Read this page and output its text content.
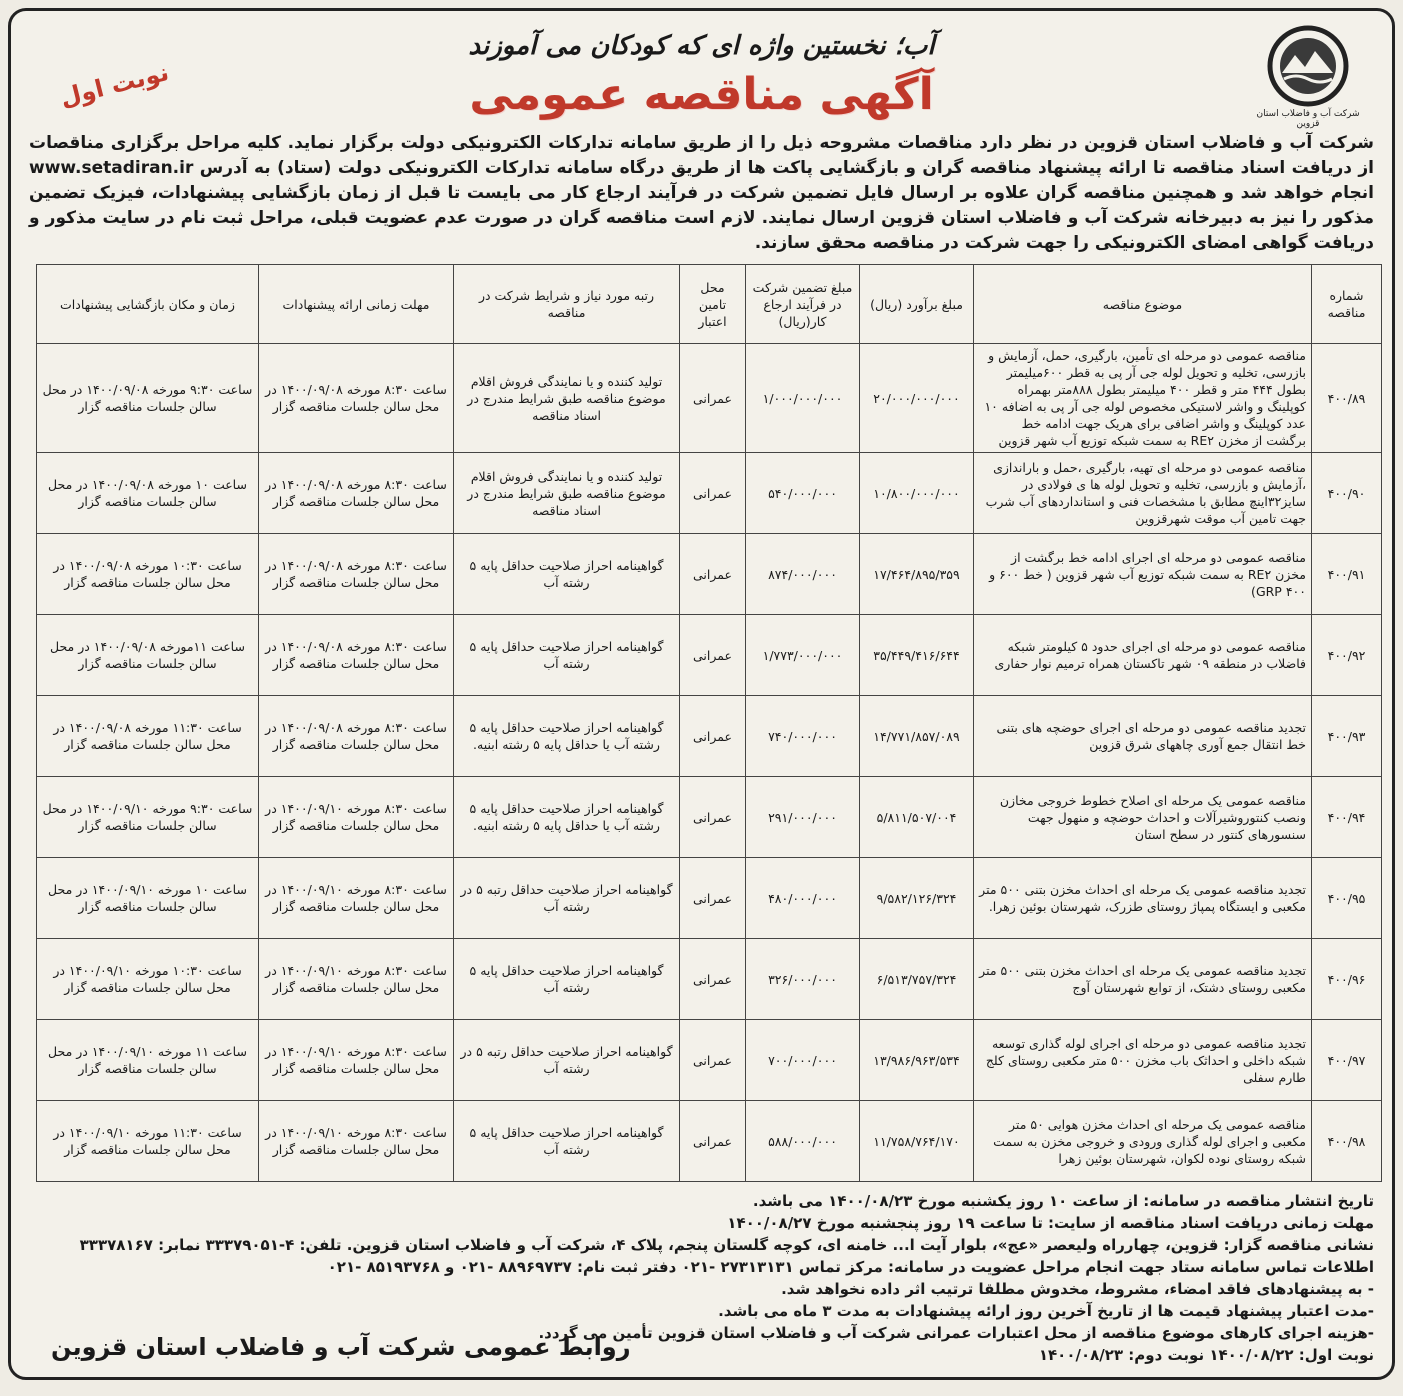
شرکت آب و فاضلاب استان قزوین
آب؛ نخستین واژه ای که کودکان می آموزند
آگهی مناقصه عمومی
نوبت اول
شرکت آب و فاضلاب استان قزوین در نظر دارد مناقصات مشروحه ذیل را از طریق سامانه تدارکات الکترونیکی دولت برگزار نماید. کلیه مراحل برگزاری مناقصات از دریافت اسناد مناقصه تا ارائه پیشنهاد مناقصه گران و بازگشایی پاکت ها از طریق درگاه سامانه تدارکات الکترونیکی دولت (ستاد) به آدرس www.setadiran.ir انجام خواهد شد و همچنین مناقصه گران علاوه بر ارسال فایل تضمین شرکت در فرآیند ارجاع کار می بایست تا قبل از زمان بازگشایی پیشنهادات، فیزیک تضمین مذکور را نیز به دبیرخانه شرکت آب و فاضلاب استان قزوین ارسال نمایند. لازم است مناقصه گران در صورت عدم عضویت قبلی، مراحل ثبت نام در سایت مذکور و دریافت گواهی امضای الکترونیکی را جهت شرکت در مناقصه محقق سازند.
شماره مناقصه	موضوع مناقصه	مبلغ برآورد (ریال)	مبلغ تضمین شرکت در فرآیند ارجاع کار(ریال)	محل تامین اعتبار	رتبه مورد نیاز و شرایط شرکت در مناقصه	مهلت زمانی ارائه پیشنهادات	زمان و مکان بازگشایی پیشنهادات
۴۰۰/۸۹	مناقصه عمومی دو مرحله ای تأمین، بارگیری، حمل، آزمایش و بازرسی، تخلیه و تحویل لوله جی آر پی به قطر ۶۰۰میلیمتر بطول ۴۴۴ متر و قطر ۴۰۰ میلیمتر بطول ۸۸۸متر بهمراه کوپلینگ و واشر لاستیکی مخصوص لوله جی آر پی به اضافه ۱۰ عدد کوپلینگ و واشر اضافی برای هریک جهت ادامه خط برگشت از مخزن RE۲ به سمت شبکه توزیع آب شهر قزوین	۲۰/۰۰۰/۰۰۰/۰۰۰	۱/۰۰۰/۰۰۰/۰۰۰	عمرانی	تولید کننده و یا نمایندگی فروش اقلام موضوع مناقصه طبق شرایط مندرج در اسناد مناقصه	ساعت ۸:۳۰ مورخه ۱۴۰۰/۰۹/۰۸ در محل سالن جلسات مناقصه گزار	ساعت ۹:۳۰ مورخه ۱۴۰۰/۰۹/۰۸ در محل سالن جلسات مناقصه گزار
۴۰۰/۹۰	مناقصه عمومی دو مرحله ای تهیه، بارگیری ،حمل و باراندازی ،آزمایش و بازرسی، تخلیه و تحویل لوله ها ی فولادی در سایز۳۲اینچ مطابق با مشخصات فنی و استانداردهای آب شرب جهت تامین آب موقت شهرقزوین	۱۰/۸۰۰/۰۰۰/۰۰۰	۵۴۰/۰۰۰/۰۰۰	عمرانی	تولید کننده و یا نمایندگی فروش اقلام موضوع مناقصه طبق شرایط مندرج در اسناد مناقصه	ساعت ۸:۳۰ مورخه ۱۴۰۰/۰۹/۰۸ در محل سالن جلسات مناقصه گزار	ساعت ۱۰ مورخه ۱۴۰۰/۰۹/۰۸ در محل سالن جلسات مناقصه گزار
۴۰۰/۹۱	مناقصه عمومی دو مرحله ای اجرای ادامه خط برگشت از مخزن RE۲ به سمت شبکه توزیع آب شهر قزوین ( خط ۶۰۰ و ۴۰۰ GRP)	۱۷/۴۶۴/۸۹۵/۳۵۹	۸۷۴/۰۰۰/۰۰۰	عمرانی	گواهینامه احراز صلاحیت حداقل پایه ۵ رشته آب	ساعت ۸:۳۰ مورخه ۱۴۰۰/۰۹/۰۸ در محل سالن جلسات مناقصه گزار	ساعت ۱۰:۳۰ مورخه ۱۴۰۰/۰۹/۰۸ در محل سالن جلسات مناقصه گزار
۴۰۰/۹۲	مناقصه عمومی دو مرحله ای اجرای حدود ۵ کیلومتر شبکه فاضلاب در منطقه ۰۹ شهر تاکستان همراه ترمیم نوار حفاری	۳۵/۴۴۹/۴۱۶/۶۴۴	۱/۷۷۳/۰۰۰/۰۰۰	عمرانی	گواهینامه احراز صلاحیت حداقل پایه ۵ رشته آب	ساعت ۸:۳۰ مورخه ۱۴۰۰/۰۹/۰۸ در محل سالن جلسات مناقصه گزار	ساعت ۱۱مورخه ۱۴۰۰/۰۹/۰۸ در محل سالن جلسات مناقصه گزار
۴۰۰/۹۳	تجدید مناقصه عمومی دو مرحله ای اجرای حوضچه های بتنی خط انتقال جمع آوری چاههای شرق قزوین	۱۴/۷۷۱/۸۵۷/۰۸۹	۷۴۰/۰۰۰/۰۰۰	عمرانی	گواهینامه احراز صلاحیت حداقل پایه ۵ رشته آب یا حداقل پایه ۵ رشته ابنیه.	ساعت ۸:۳۰ مورخه ۱۴۰۰/۰۹/۰۸ در محل سالن جلسات مناقصه گزار	ساعت ۱۱:۳۰ مورخه ۱۴۰۰/۰۹/۰۸ در محل سالن جلسات مناقصه گزار
۴۰۰/۹۴	مناقصه عمومی یک مرحله ای اصلاح خطوط خروجی مخازن ونصب کنتوروشیرآلات و احداث حوضچه و منهول جهت سنسورهای کنتور در سطح استان	۵/۸۱۱/۵۰۷/۰۰۴	۲۹۱/۰۰۰/۰۰۰	عمرانی	گواهینامه احراز صلاحیت حداقل پایه ۵ رشته آب یا حداقل پایه ۵ رشته ابنیه.	ساعت ۸:۳۰ مورخه ۱۴۰۰/۰۹/۱۰ در محل سالن جلسات مناقصه گزار	ساعت ۹:۳۰ مورخه ۱۴۰۰/۰۹/۱۰ در محل سالن جلسات مناقصه گزار
۴۰۰/۹۵	تجدید مناقصه عمومی یک مرحله ای احداث مخزن بتنی ۵۰۰ متر مکعبی و ایستگاه پمپاژ روستای طزرک، شهرستان بوئین زهرا.	۹/۵۸۲/۱۲۶/۳۲۴	۴۸۰/۰۰۰/۰۰۰	عمرانی	گواهینامه احراز صلاحیت حداقل رتبه ۵ در رشته آب	ساعت ۸:۳۰ مورخه ۱۴۰۰/۰۹/۱۰ در محل سالن جلسات مناقصه گزار	ساعت ۱۰ مورخه ۱۴۰۰/۰۹/۱۰ در محل سالن جلسات مناقصه گزار
۴۰۰/۹۶	تجدید مناقصه عمومی یک مرحله ای احداث مخزن بتنی ۵۰۰ متر مکعبی روستای دشتک، از توابع شهرستان آوج	۶/۵۱۳/۷۵۷/۳۲۴	۳۲۶/۰۰۰/۰۰۰	عمرانی	گواهینامه احراز صلاحیت حداقل پایه ۵ رشته آب	ساعت ۸:۳۰ مورخه ۱۴۰۰/۰۹/۱۰ در محل سالن جلسات مناقصه گزار	ساعت ۱۰:۳۰ مورخه ۱۴۰۰/۰۹/۱۰ در محل سالن جلسات مناقصه گزار
۴۰۰/۹۷	تجدید مناقصه عمومی دو مرحله ای اجرای لوله گذاری توسعه شبکه داخلی و احداثک باب مخزن ۵۰۰ متر مکعبی روستای کلج طارم سفلی	۱۳/۹۸۶/۹۶۳/۵۳۴	۷۰۰/۰۰۰/۰۰۰	عمرانی	گواهینامه احراز صلاحیت حداقل رتبه ۵ در رشته آب	ساعت ۸:۳۰ مورخه ۱۴۰۰/۰۹/۱۰ در محل سالن جلسات مناقصه گزار	ساعت ۱۱ مورخه ۱۴۰۰/۰۹/۱۰ در محل سالن جلسات مناقصه گزار
۴۰۰/۹۸	مناقصه عمومی یک مرحله ای احداث مخزن هوایی ۵۰ متر مکعبی و اجرای لوله گذاری ورودی و خروجی مخزن به سمت شبکه روستای نوده لکوان، شهرستان بوئین زهرا	۱۱/۷۵۸/۷۶۴/۱۷۰	۵۸۸/۰۰۰/۰۰۰	عمرانی	گواهینامه احراز صلاحیت حداقل پایه ۵ رشته آب	ساعت ۸:۳۰ مورخه ۱۴۰۰/۰۹/۱۰ در محل سالن جلسات مناقصه گزار	ساعت ۱۱:۳۰ مورخه ۱۴۰۰/۰۹/۱۰ در محل سالن جلسات مناقصه گزار
تاریخ انتشار مناقصه در سامانه: از ساعت ۱۰ روز یکشنبه مورخ ۱۴۰۰/۰۸/۲۳ می باشد.
مهلت زمانی دریافت اسناد مناقصه از سایت: تا ساعت ۱۹ روز پنجشنبه مورخ ۱۴۰۰/۰۸/۲۷
نشانی مناقصه گزار: قزوین، چهارراه ولیعصر «عج»، بلوار آیت ا... خامنه ای، کوچه گلستان پنجم، پلاک ۴، شرکت آب و فاضلاب استان قزوین. تلفن: ۴-۳۳۳۷۹۰۵۱ نمابر: ۳۳۳۷۸۱۶۷
اطلاعات تماس سامانه ستاد جهت انجام مراحل عضویت در سامانه: مرکز تماس ۲۷۳۱۳۱۳۱ -۰۲۱ دفتر ثبت نام: ۸۸۹۶۹۷۳۷ -۰۲۱ و ۸۵۱۹۳۷۶۸ -۰۲۱
- به پیشنهادهای فاقد امضاء، مشروط، مخدوش مطلقا ترتیب اثر داده نخواهد شد.
-مدت اعتبار پیشنهاد قیمت ها از تاریخ آخرین روز ارائه پیشنهادات به مدت ۳ ماه می باشد.
-هزینه اجرای کارهای موضوع مناقصه از محل اعتبارات عمرانی شرکت آب و فاضلاب استان قزوین تأمین می گردد.
نوبت اول: ۱۴۰۰/۰۸/۲۲ نوبت دوم: ۱۴۰۰/۰۸/۲۳
روابط عمومی شرکت آب و فاضلاب استان قزوین
